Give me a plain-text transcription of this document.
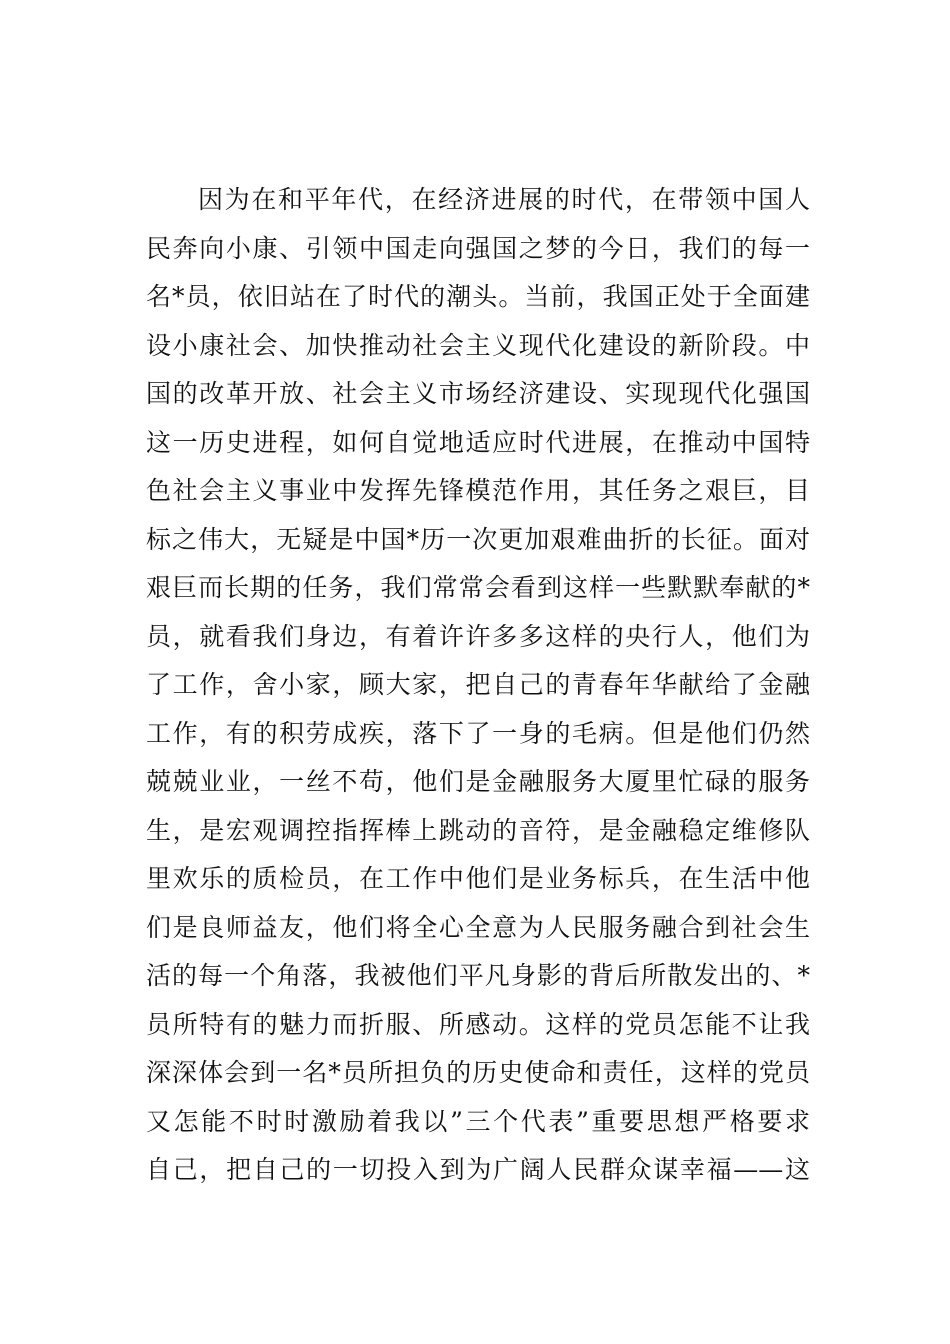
因为在和平年代，在经济进展的时代，在带领中国人
民奔向小康、引领中国走向强国之梦的今日，我们的每一
名*员，依旧站在了时代的潮头。当前，我国正处于全面建
设小康社会、加快推动社会主义现代化建设的新阶段。中
国的改革开放、社会主义市场经济建设、实现现代化强国
这一历史进程，如何自觉地适应时代进展，在推动中国特
色社会主义事业中发挥先锋模范作用，其任务之艰巨，目
标之伟大，无疑是中国*历一次更加艰难曲折的长征。面对
艰巨而长期的任务，我们常常会看到这样一些默默奉献的*
员，就看我们身边，有着许许多多这样的央行人，他们为
了工作，舍小家，顾大家，把自己的青春年华献给了金融
工作，有的积劳成疾，落下了一身的毛病。但是他们仍然
兢兢业业，一丝不苟，他们是金融服务大厦里忙碌的服务
生，是宏观调控指挥棒上跳动的音符，是金融稳定维修队
里欢乐的质检员，在工作中他们是业务标兵，在生活中他
们是良师益友，他们将全心全意为人民服务融合到社会生
活的每一个角落，我被他们平凡身影的背后所散发出的、*
员所特有的魅力而折服、所感动。这样的党员怎能不让我
深深体会到一名*员所担负的历史使命和责任，这样的党员
又怎能不时时激励着我以”三个代表”重要思想严格要求
自己，把自己的一切投入到为广阔人民群众谋幸福——这
